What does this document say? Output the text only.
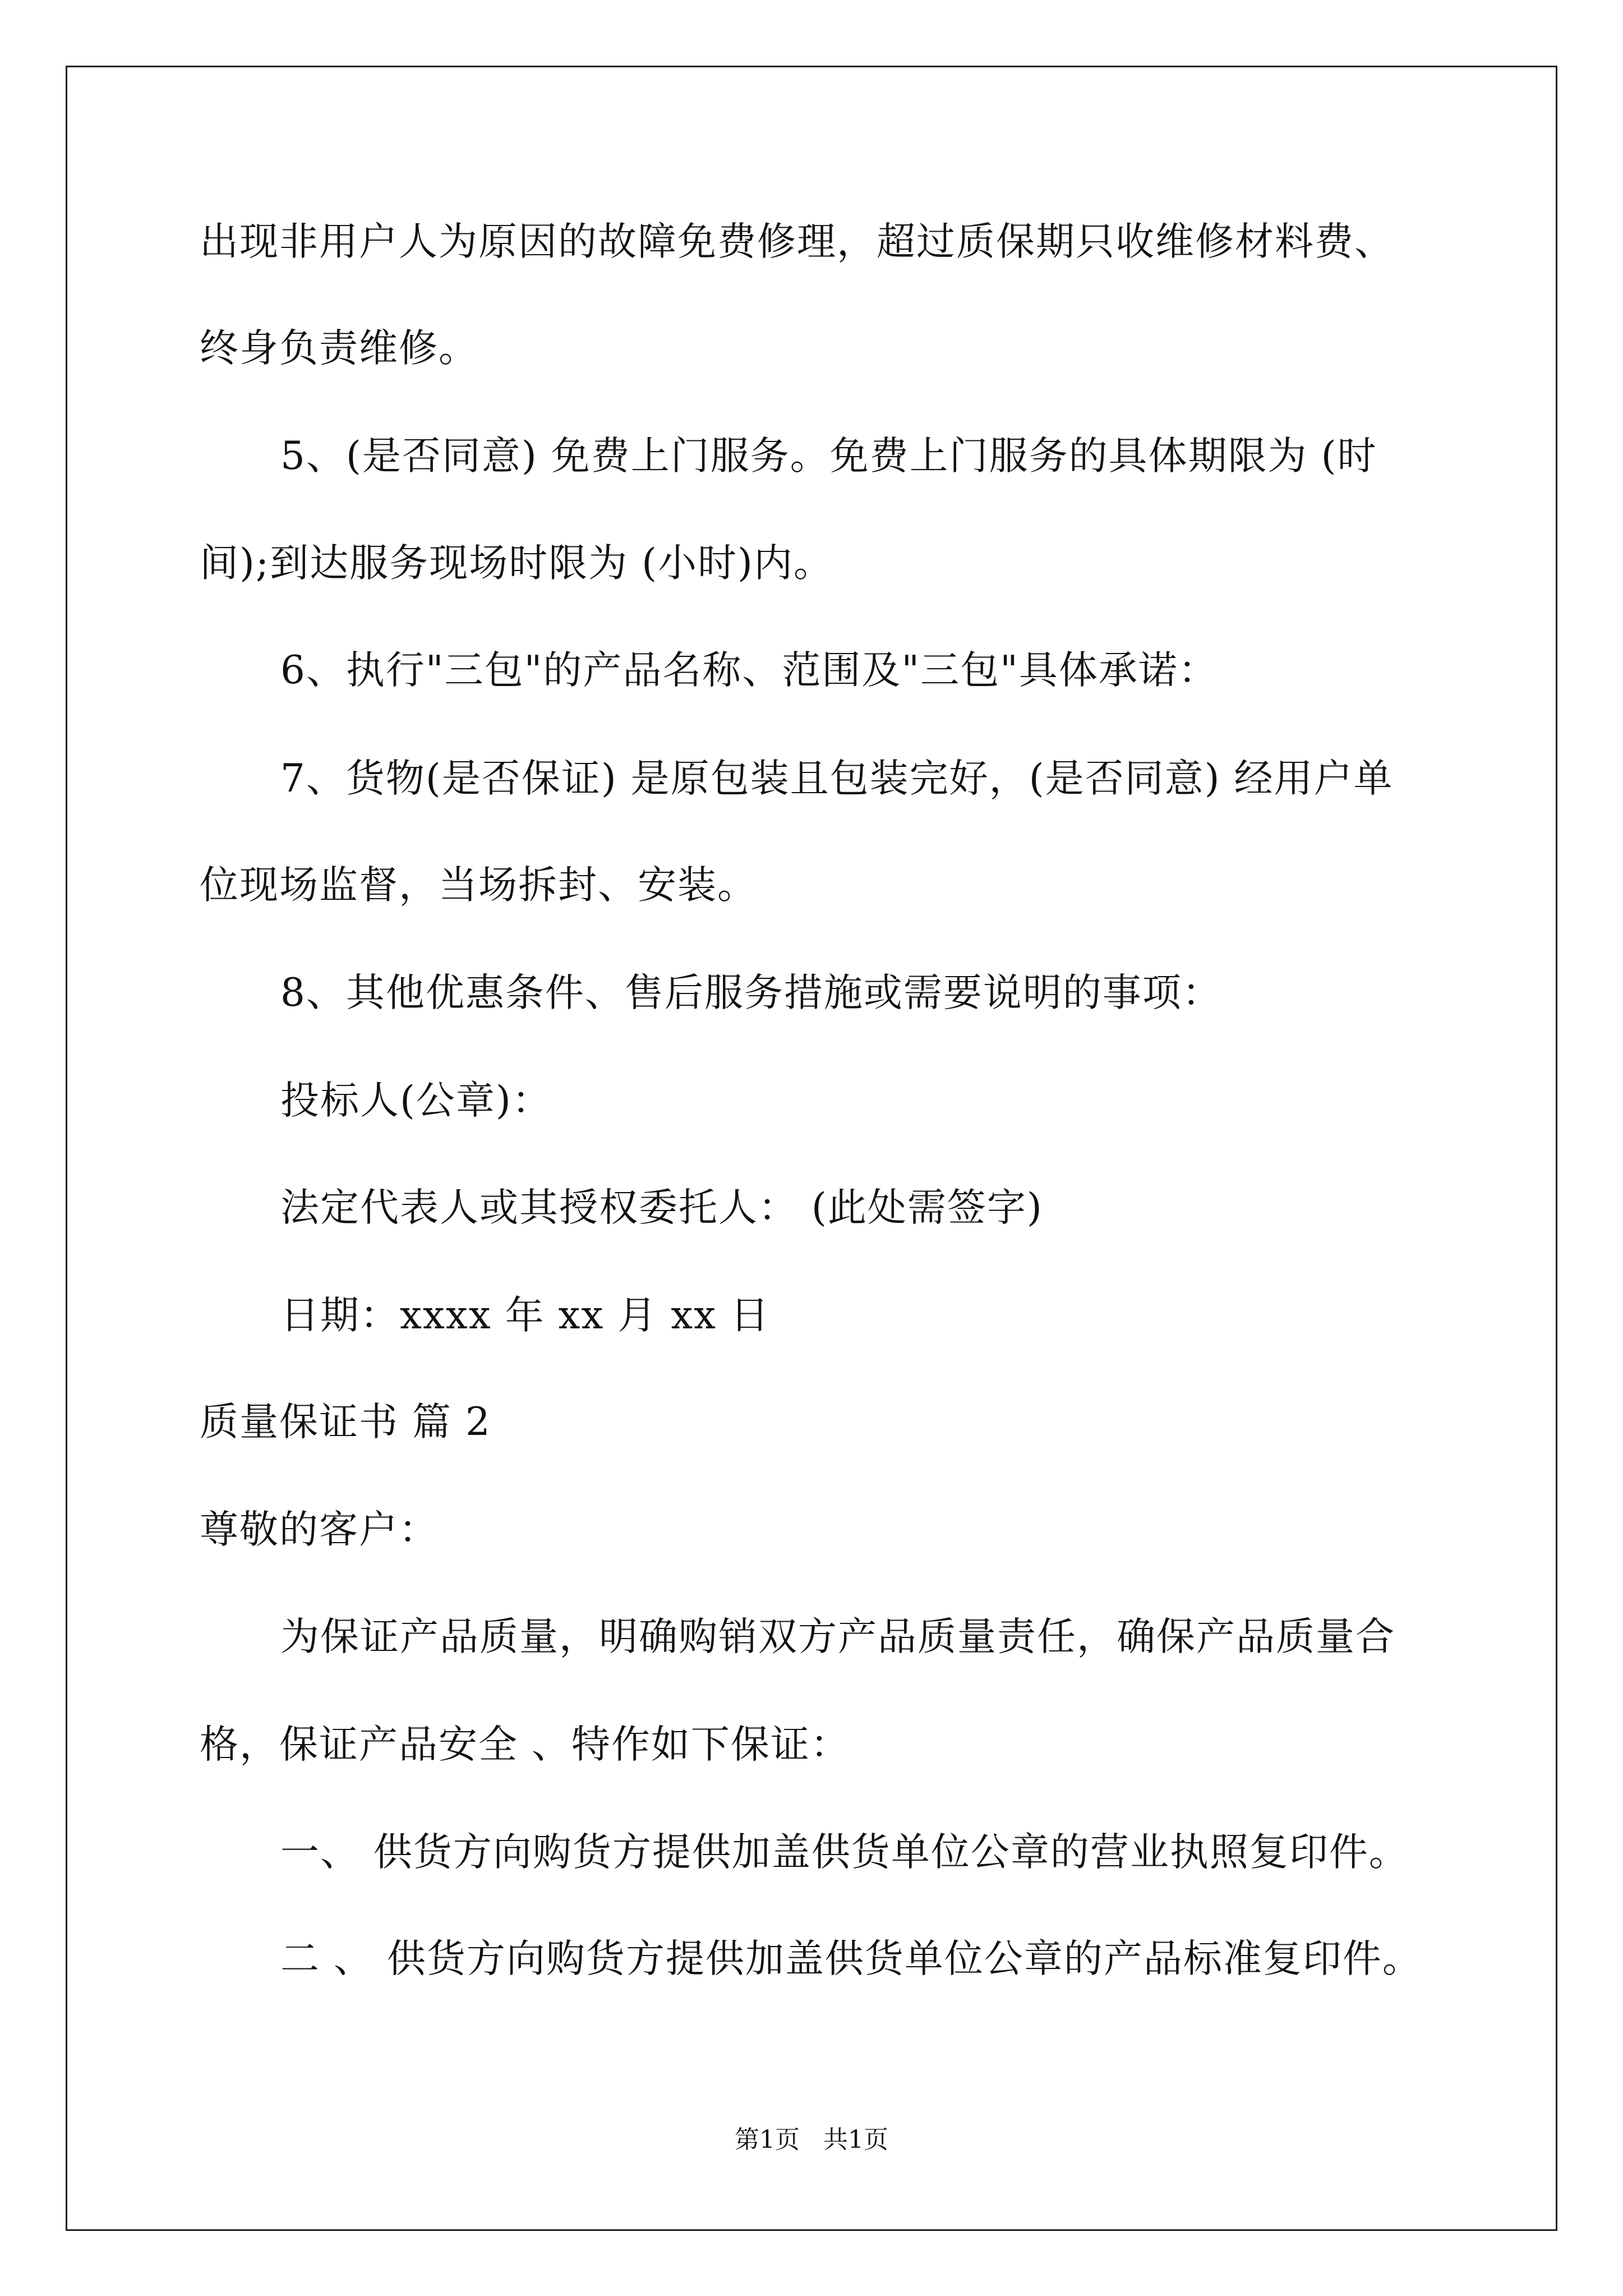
出现非用户人为原因的故障免费修理，超过质保期只收维修材料费、
终身负责维修。
5、(是否同意) 免费上门服务。免费上门服务的具体期限为 (时
间);到达服务现场时限为 (小时)内。
6、执行"三包"的产品名称、范围及"三包"具体承诺：
7、货物(是否保证) 是原包装且包装完好，(是否同意) 经用户单
位现场监督，当场拆封、安装。
8、其他优惠条件、售后服务措施或需要说明的事项：
投标人(公章)：
法定代表人或其授权委托人： (此处需签字)
日期：xxxx 年 xx 月 xx 日
质量保证书 篇 2
尊敬的客户：
为保证产品质量，明确购销双方产品质量责任，确保产品质量合
格，保证产品安全 、特作如下保证：
一、 供货方向购货方提供加盖供货单位公章的营业执照复印件。
二 、 供货方向购货方提供加盖供货单位公章的产品标准复印件。
第1页   共1页
